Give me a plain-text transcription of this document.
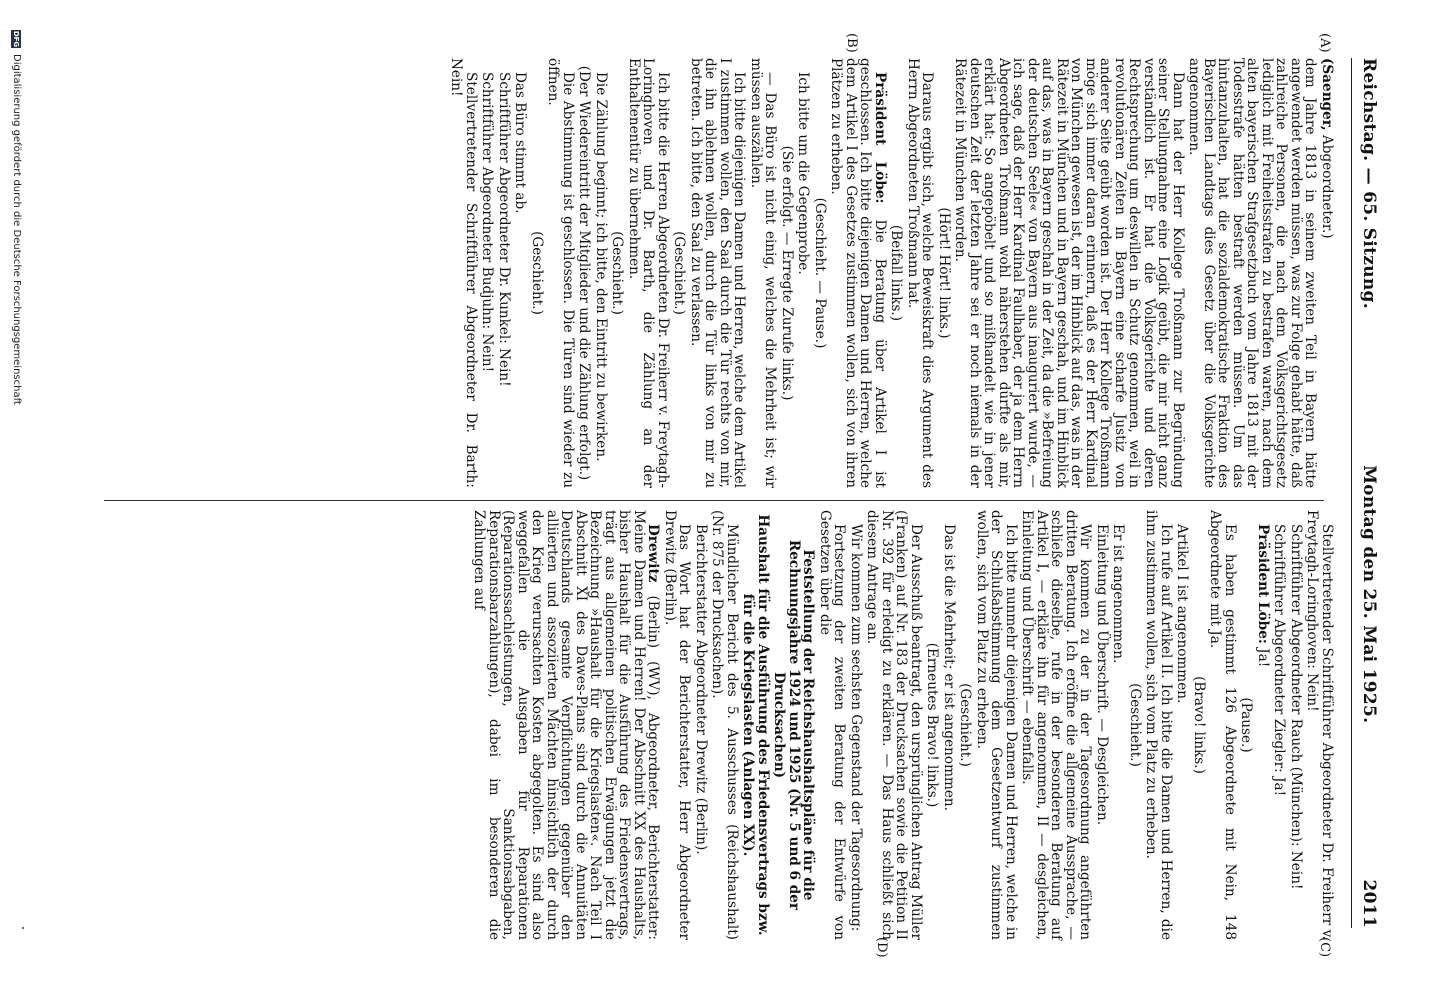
Reichstag. — 65. Sitzung.
Montag den 25. Mai 1925.
2011
(A)
(B)
(C)
(D)

(Saenger, Abgeordneter.)

dem Jahre 1813 in seinem zweiten Teil in Bayern hätte angewendet werden müssen, was zur Folge gehabt hätte, daß zahlreiche Personen, die nach dem Volksgerichtsgesetz lediglich mit Freiheitsstrafen zu bestrafen waren, nach dem alten bayerischen Strafgesetzbuch vom Jahre 1813 mit der Todesstrafe hätten bestraft werden müssen. Um das hintanzuhalten, hat die sozialdemokratische Fraktion des Bayerischen Landtags dies Gesetz über die Volksgerichte angenommen.

Dann hat der Herr Kollege Troßmann zur Begründung seiner Stellungnahme eine Logik geübt, die mir nicht ganz verständlich ist. Er hat die Volksgerichte und deren Rechtsprechung um deswillen in Schutz genommen, weil in revolutionären Zeiten in Bayern eine scharfe Justiz von anderer Seite geübt worden ist. Der Herr Kollege Troßmann möge sich immer daran erinnern, daß es der Herr Kardinal von München gewesen ist, der im Hinblick auf das, was in der Rätezeit in München und in Bayern geschah, und im Hinblick auf das, was in Bayern geschah in der Zeit, da die »Befreiung der deutschen Seele« von Bayern aus inauguriert wurde, — ich sage, daß der Herr Kardinal Faulhaber, der ja dem Herrn Abgeordneten Troßmann wohl näherstehen dürfte als mir, erklärt hat: So angepöbelt und so mißhandelt wie in jener deutschen Zeit der letzten Jahre sei er noch niemals in der Rätezeit in München worden.

(Hört! Hört! links.)

Daraus ergibt sich, welche Beweiskraft dies Argument des Herrn Abgeordneten Troßmann hat.

(Beifall links.)

Präsident Löbe: Die Beratung über Artikel I ist geschlossen. Ich bitte diejenigen Damen und Herren, welche dem Artikel I des Gesetzes zustimmen wollen, sich von ihren Plätzen zu erheben.

(Geschieht. — Pause.)

Ich bitte um die Gegenprobe.

(Sie erfolgt. — Erregte Zurufe links.)

— Das Büro ist nicht einig, welches die Mehrheit ist; wir müssen auszählen.

Ich bitte diejenigen Damen und Herren, welche dem Artikel I zustimmen wollen, den Saal durch die Tür rechts von mir, die ihn ablehnen wollen, durch die Tür links von mir zu betreten. Ich bitte, den Saal zu verlassen.

(Geschieht.)

Ich bitte die Herren Abgeordneten Dr. Freiherr v. Freytagh-Loringhoven und Dr. Barth, die Zählung an der Enthaltenentür zu übernehmen.

(Geschieht.)

Die Zählung beginnt; ich bitte, den Eintritt zu bewirken.

(Der Wiedereintritt der Mitglieder und die Zählung erfolgt.)

Die Abstimmung ist geschlossen. Die Türen sind wieder zu öffnen.

(Geschieht.)

Das Büro stimmt ab.

Schriftführer Abgeordneter Dr. Kunkel: Nein!

Schriftführer Abgeordneter Budjuhn: Nein!

Stellvertretender Schriftführer Abgeordneter Dr. Barth: Nein!

Stellvertretender Schriftführer Abgeordneter Dr. Freiherr v. Freytagh-Loringhoven: Nein!

Schriftführer Abgeordneter Rauch (München): Nein!

Schriftführer Abgeordneter Ziegler: Ja!

Präsident Löbe: Ja!

(Pause.)

Es haben gestimmt 126 Abgeordnete mit Nein, 148 Abgeordnete mit Ja.

(Bravo! links.)

Artikel I ist angenommen.

Ich rufe auf Artikel II. Ich bitte die Damen und Herren, die ihm zustimmen wollen, sich vom Platz zu erheben.

(Geschieht.)

Er ist angenommen.

Einleitung und Überschrift. — Desgleichen.

Wir kommen zu der in der Tagesordnung angeführten dritten Beratung. Ich eröffne die allgemeine Aussprache, — schließe dieselbe, rufe in der besonderen Beratung auf Artikel I, — erkläre ihn für angenommen, II — desgleichen, Einleitung und Überschrift — ebenfalls.

Ich bitte nunmehr diejenigen Damen und Herren, welche in der Schlußabstimmung dem Gesetzentwurf zustimmen wollen, sich vom Platz zu erheben.

(Geschieht.)

Das ist die Mehrheit; er ist angenommen.

(Erneutes Bravo! links.)

Der Ausschuß beantragt, den ursprünglichen Antrag Müller (Franken) auf Nr. 183 der Drucksachen sowie die Petition II Nr. 392 für erledigt zu erklären. — Das Haus schließt sich diesem Antrage an.

Wir kommen zum sechsten Gegenstand der Tagesordnung:

Fortsetzung der zweiten Beratung der Entwürfe von Gesetzen über die

Feststellung der Reichshaushaltspläne für die Rechnungsjahre 1924 und 1925 (Nr. 5 und 6 der Drucksachen)

Haushalt für die Ausführung des Friedensvertrags bzw. für die Kriegslasten (Anlagen XX).

Mündlicher Bericht des 5. Ausschusses (Reichshaushalt) (Nr. 875 der Drucksachen).

Berichterstatter Abgeordneter Drewitz (Berlin).

Das Wort hat der Berichterstatter, Herr Abgeordneter Drewitz (Berlin).

Drewitz (Berlin) (WV), Abgeordneter, Berichterstatter: Meine Damen und Herren! Der Abschnitt XX des Haushalts, bisher Haushalt für die Ausführung des Friedensvertrags, trägt aus allgemeinen politischen Erwägungen jetzt die Bezeichnung »Haushalt für die Kriegslasten«. Nach Teil I Abschnitt XI des Dawes-Plans sind durch die Annuitäten Deutschlands gesamte Verpflichtungen gegenüber den alliierten und assoziierten Mächten hinsichtlich der durch den Krieg verursachten Kosten abgegolten. Es sind also weggefallen die Ausgaben für Reparationen (Reparationssachleistungen, Sanktionsabgaben, Reparationsbarzahlungen), dabei im besonderen die Zahlungen auf

DFG
Digitalisierung gefördert durch die Deutsche Forschungsgemeinschaft
